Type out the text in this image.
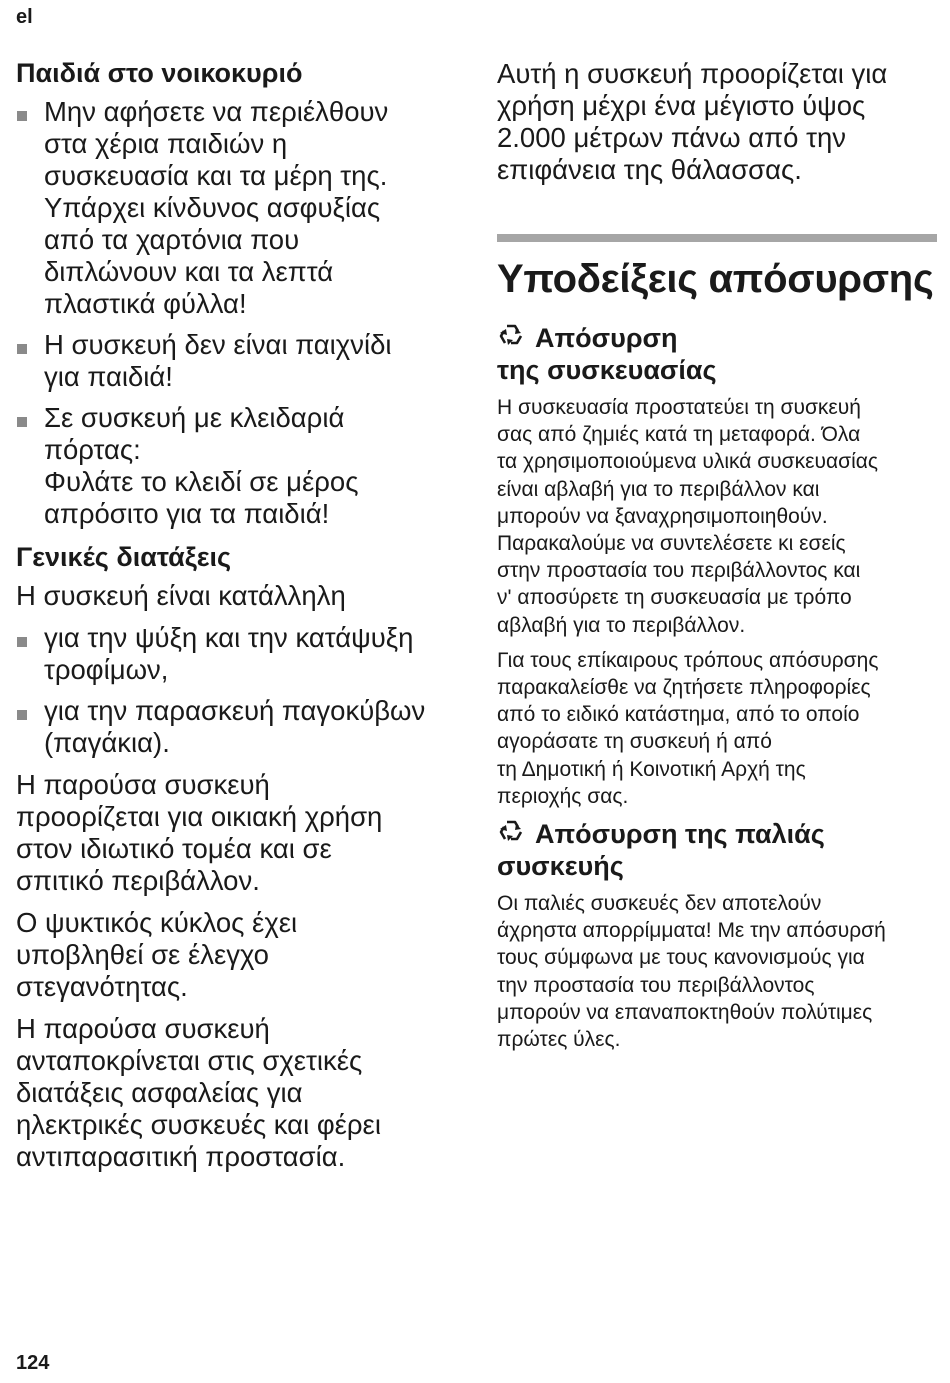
el
Παιδιά στο νοικοκυριό
Μην αφήσετε να περιέλθουν
στα χέρια παιδιών η
συσκευασία και τα μέρη της.
Υπάρχει κίνδυνος ασφυξίας
από τα χαρτόνια που
διπλώνουν και τα λεπτά
πλαστικά φύλλα!
Η συσκευή δεν είναι παιχνίδι
για παιδιά!
Σε συσκευή με κλειδαριά
πόρτας:
Φυλάτε το κλειδί σε μέρος
απρόσιτο για τα παιδιά!
Γενικές διατάξεις

Η συσκευή είναι κατάλληλη

για την ψύξη και την κατάψυξη
τροφίμων,
για την παρασκευή παγοκύβων
(παγάκια).

Η παρούσα συσκευή
προορίζεται για οικιακή χρήση
στον ιδιωτικό τομέα και σε
σπιτικό περιβάλλον.

Ο ψυκτικός κύκλος έχει
υποβληθεί σε έλεγχο
στεγανότητας.

Η παρούσα συσκευή
ανταποκρίνεται στις σχετικές
διατάξεις ασφαλείας για
ηλεκτρικές συσκευές και φέρει
αντιπαρασιτική προστασία.

Αυτή η συσκευή προορίζεται για
χρήση μέχρι ένα μέγιστο ύψος
2.000 μέτρων πάνω από την
επιφάνεια της θάλασσας.

Υποδείξεις απόσυρσης
Απόσυρση
της συσκευασίας

Η συσκευασία προστατεύει τη συσκευή
σας από ζημιές κατά τη μεταφορά. Όλα
τα χρησιμοποιούμενα υλικά συσκευασίας
είναι αβλαβή για το περιβάλλον και
μπορούν να ξαναχρησιμοποιηθούν.
Παρακαλούμε να συντελέσετε κι εσείς
στην προστασία του περιβάλλοντος και
ν' αποσύρετε τη συσκευασία με τρόπο
αβλαβή για το περιβάλλον.

Για τους επίκαιρους τρόπους απόσυρσης
παρακαλείσθε να ζητήσετε πληροφορίες
από το ειδικό κατάστημα, από το οποίο
αγοράσατε τη συσκευή ή από
τη Δημοτική ή Κοινοτική Αρχή της
περιοχής σας.

Απόσυρση της παλιάς
συσκευής

Οι παλιές συσκευές δεν αποτελούν
άχρηστα απορρίμματα! Με την απόσυρσή
τους σύμφωνα με τους κανονισμούς για
την προστασία του περιβάλλοντος
μπορούν να επαναποκτηθούν πολύτιμες
πρώτες ύλες.

124
